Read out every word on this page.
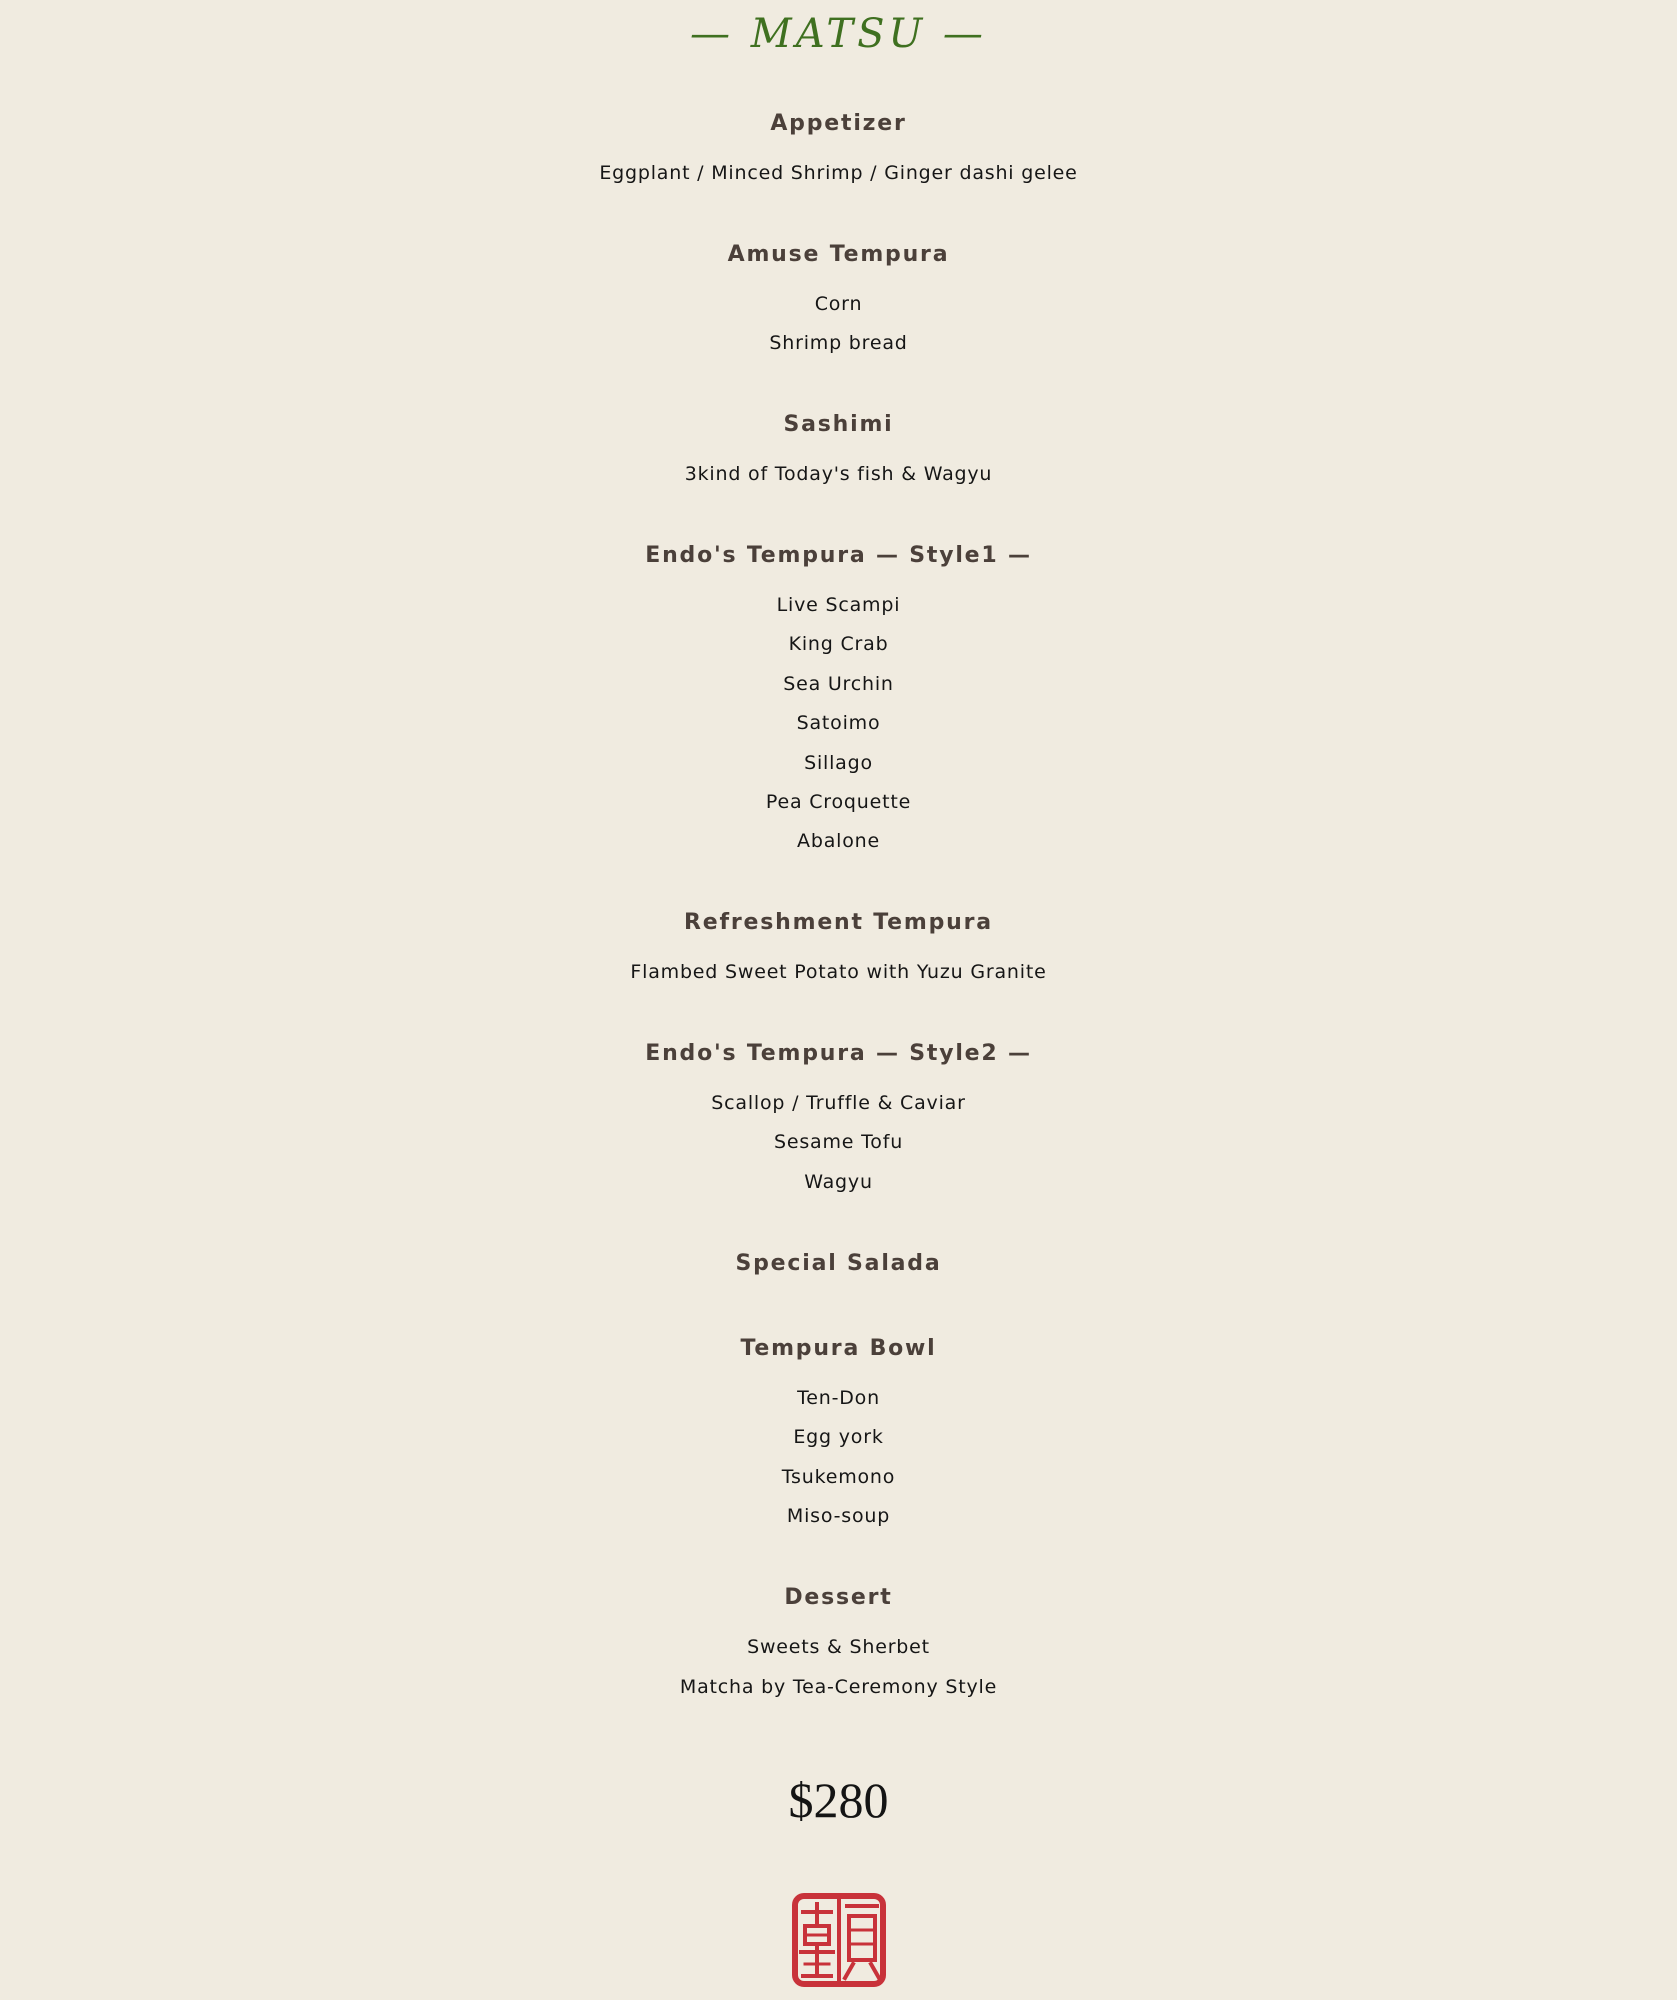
— MATSU —
Appetizer
Eggplant / Minced Shrimp / Ginger dashi gelee
Amuse Tempura
Corn
Shrimp bread
Sashimi
3kind of Today's fish & Wagyu
Endo's Tempura — Style1 —
Live Scampi
King Crab
Sea Urchin
Satoimo
Sillago
Pea Croquette
Abalone
Refreshment Tempura
Flambed Sweet Potato with Yuzu Granite
Endo's Tempura — Style2 —
Scallop / Truffle & Caviar
Sesame Tofu
Wagyu
Special Salada
Tempura Bowl
Ten-Don
Egg york
Tsukemono
Miso-soup
Dessert
Sweets & Sherbet
Matcha by Tea-Ceremony Style
$280
